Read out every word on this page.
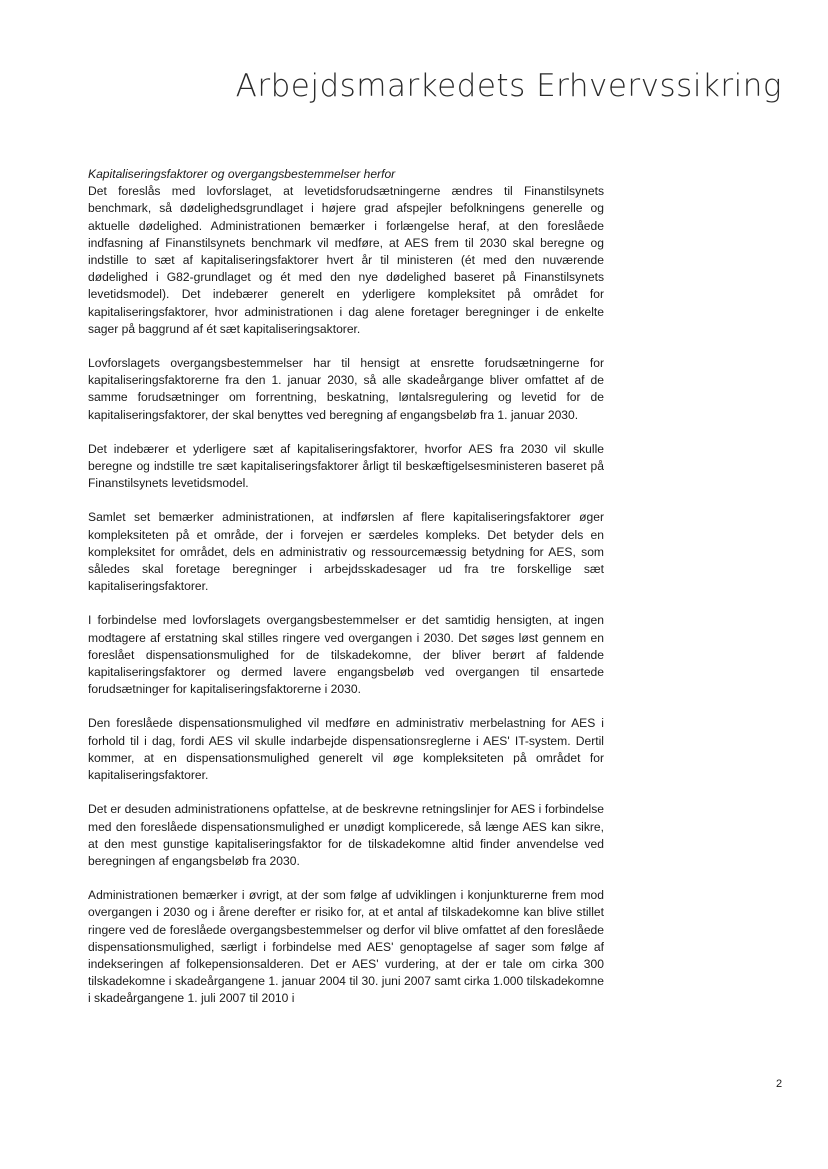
Arbejdsmarkedets Erhvervssikring

Kapitaliseringsfaktorer og overgangsbestemmelser herfor

Det foreslås med lovforslaget, at levetidsforudsætningerne ændres til Finanstilsynets benchmark, så dødelighedsgrundlaget i højere grad afspejler befolkningens generelle og aktuelle dødelighed. Administrationen bemærker i forlængelse heraf, at den foreslåede indfasning af Finanstilsynets benchmark vil medføre, at AES frem til 2030 skal beregne og indstille to sæt af kapitaliseringsfaktorer hvert år til ministeren (ét med den nuværende dødelighed i G82-grundlaget og ét med den nye dødelighed baseret på Finanstilsynets levetidsmodel). Det indebærer generelt en yderligere kompleksitet på området for kapitaliseringsfaktorer, hvor administrationen i dag alene foretager beregninger i de enkelte sager på baggrund af ét sæt kapitaliseringsaktorer.

Lovforslagets overgangsbestemmelser har til hensigt at ensrette forudsætningerne for kapitaliseringsfaktorerne fra den 1. januar 2030, så alle skadeårgange bliver omfattet af de samme forudsætninger om forrentning, beskatning, løntalsregulering og levetid for de kapitaliseringsfaktorer, der skal benyttes ved beregning af engangsbeløb fra 1. januar 2030.

Det indebærer et yderligere sæt af kapitaliseringsfaktorer, hvorfor AES fra 2030 vil skulle beregne og indstille tre sæt kapitaliseringsfaktorer årligt til beskæftigelsesministeren baseret på Finanstilsynets levetidsmodel.

Samlet set bemærker administrationen, at indførslen af flere kapitaliseringsfaktorer øger kompleksiteten på et område, der i forvejen er særdeles kompleks. Det betyder dels en kompleksitet for området, dels en administrativ og ressourcemæssig betydning for AES, som således skal foretage beregninger i arbejdsskadesager ud fra tre forskellige sæt kapitaliseringsfaktorer.

I forbindelse med lovforslagets overgangsbestemmelser er det samtidig hensigten, at ingen modtagere af erstatning skal stilles ringere ved overgangen i 2030. Det søges løst gennem en foreslået dispensationsmulighed for de tilskadekomne, der bliver berørt af faldende kapitaliseringsfaktorer og dermed lavere engangsbeløb ved overgangen til ensartede forudsætninger for kapitaliseringsfaktorerne i 2030.

Den foreslåede dispensationsmulighed vil medføre en administrativ merbelastning for AES i forhold til i dag, fordi AES vil skulle indarbejde dispensationsreglerne i AES' IT-system. Dertil kommer, at en dispensationsmulighed generelt vil øge kompleksiteten på området for kapitaliseringsfaktorer.

Det er desuden administrationens opfattelse, at de beskrevne retningslinjer for AES i forbindelse med den foreslåede dispensationsmulighed er unødigt komplicerede, så længe AES kan sikre, at den mest gunstige kapitaliseringsfaktor for de tilskadekomne altid finder anvendelse ved beregningen af engangsbeløb fra 2030.

Administrationen bemærker i øvrigt, at der som følge af udviklingen i konjunkturerne frem mod overgangen i 2030 og i årene derefter er risiko for, at et antal af tilskadekomne kan blive stillet ringere ved de foreslåede overgangsbestemmelser og derfor vil blive omfattet af den foreslåede dispensationsmulighed, særligt i forbindelse med AES' genoptagelse af sager som følge af indekseringen af folkepensionsalderen. Det er AES' vurdering, at der er tale om cirka 300 tilskadekomne i skadeårgangene 1. januar 2004 til 30. juni 2007 samt cirka 1.000 tilskadekomne i skadeårgangene 1. juli 2007 til 2010 i

2
